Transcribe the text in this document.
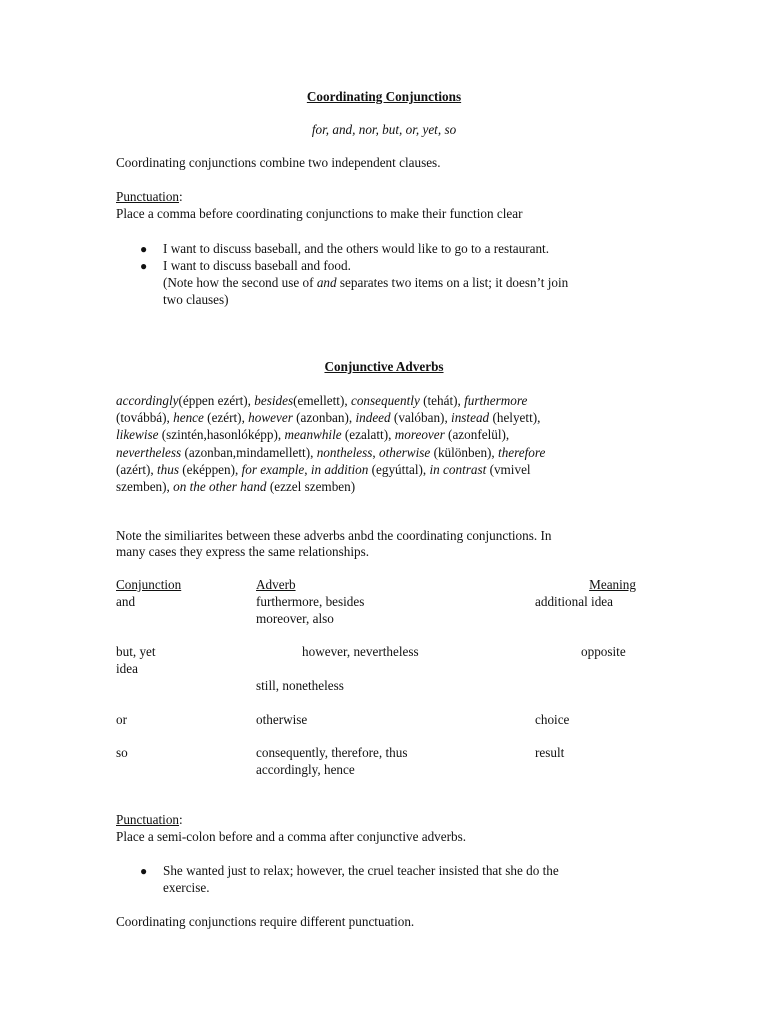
Coordinating Conjunctions
for, and, nor, but, or, yet, so
Coordinating conjunctions combine two independent clauses.
Punctuation:
Place a comma before coordinating conjunctions to make their function clear
● I want to discuss baseball, and the others would like to go to a restaurant.
● I want to discuss baseball and food.
(Note how the second use of and separates two items on a list; it doesn’t join
two clauses)
Conjunctive Adverbs
accordingly(éppen ezért), besides(emellett), consequently (tehát), furthermore
(továbbá), hence (ezért), however (azonban), indeed (valóban), instead (helyett),
likewise (szintén,hasonlóképp), meanwhile (ezalatt), moreover (azonfelül),
nevertheless (azonban,mindamellett), nontheless, otherwise (különben), therefore
(azért), thus (eképpen), for example, in addition (egyúttal), in contrast (vmivel
szemben), on the other hand (ezzel szemben)
Note the similiarites between these adverbs anbd the coordinating conjunctions. In
many cases they express the same relationships.
Conjunction	Adverb	Meaning
and	furthermore, besides	additional idea
moreover, also
but, yet	however, nevertheless	opposite
idea
still, nonetheless
or	otherwise	choice
so	consequently, therefore, thus	result
accordingly, hence
Punctuation:
Place a semi-colon before and a comma after conjunctive adverbs.
● She wanted just to relax; however, the cruel teacher insisted that she do the
exercise.
Coordinating conjunctions require different punctuation.
